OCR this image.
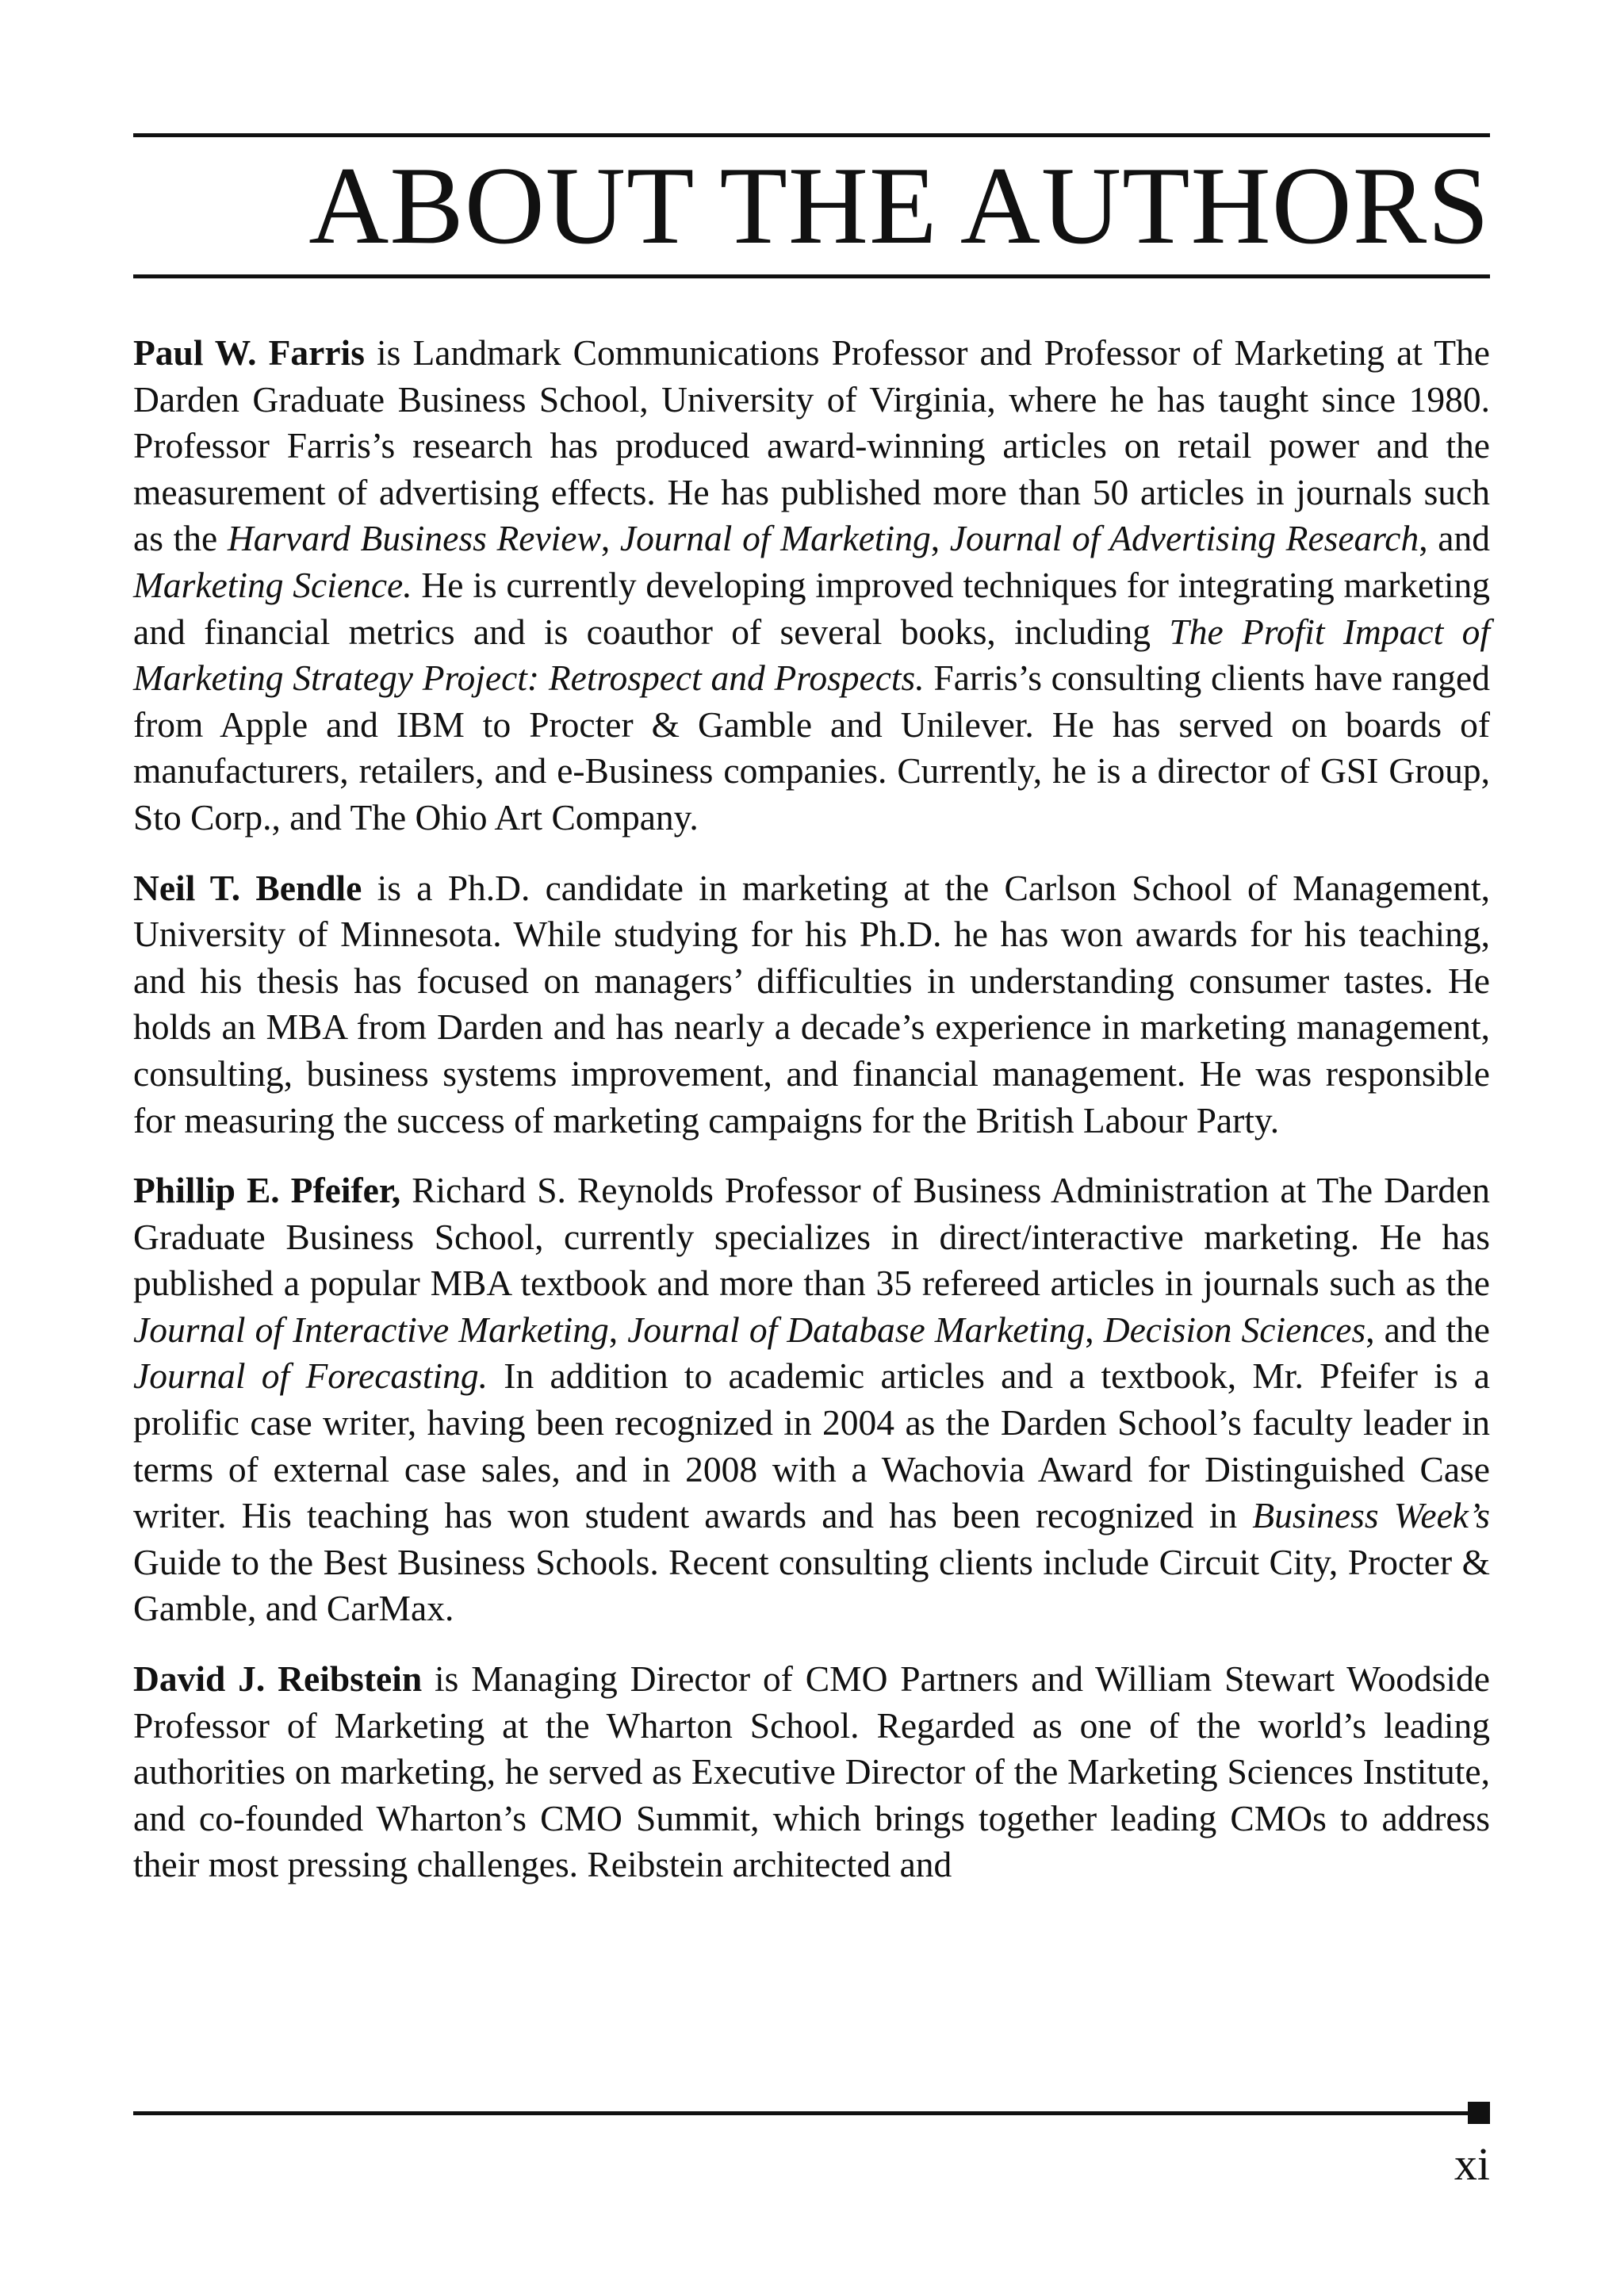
ABOUT THE AUTHORS

Paul W. Farris is Landmark Communications Professor and Professor of Marketing at The Darden Graduate Business School, University of Virginia, where he has taught since 1980. Professor Farris’s research has produced award-winning articles on retail power and the measurement of advertising effects. He has published more than 50 articles in journals such as the Harvard Business Review, Journal of Marketing, Journal of Advertising Research, and Marketing Science. He is currently developing improved techniques for integrating marketing and financial metrics and is coauthor of several books, including The Profit Impact of Marketing Strategy Project: Retrospect and Prospects. Farris’s consulting clients have ranged from Apple and IBM to Procter & Gamble and Unilever. He has served on boards of manufacturers, retailers, and e-Business companies. Currently, he is a director of GSI Group, Sto Corp., and The Ohio Art Company.

Neil T. Bendle is a Ph.D. candidate in marketing at the Carlson School of Management, University of Minnesota. While studying for his Ph.D. he has won awards for his teaching, and his thesis has focused on managers’ difficulties in understanding consumer tastes. He holds an MBA from Darden and has nearly a decade’s experience in marketing management, consulting, business systems improvement, and financial management. He was responsible for measuring the success of marketing campaigns for the British Labour Party.

Phillip E. Pfeifer, Richard S. Reynolds Professor of Business Administration at The Darden Graduate Business School, currently specializes in direct/interactive marketing. He has published a popular MBA textbook and more than 35 refereed articles in journals such as the Journal of Interactive Marketing, Journal of Database Marketing, Decision Sciences, and the Journal of Forecasting. In addition to academic articles and a textbook, Mr. Pfeifer is a prolific case writer, having been recognized in 2004 as the Darden School’s faculty leader in terms of external case sales, and in 2008 with a Wachovia Award for Distinguished Case writer. His teaching has won student awards and has been recognized in Business Week’s Guide to the Best Business Schools. Recent consulting clients include Circuit City, Procter & Gamble, and CarMax.

David J. Reibstein is Managing Director of CMO Partners and William Stewart Woodside Professor of Marketing at the Wharton School. Regarded as one of the world’s leading authorities on marketing, he served as Executive Director of the Marketing Sciences Institute, and co-founded Wharton’s CMO Summit, which brings together leading CMOs to address their most pressing challenges. Reibstein architected and

xi
